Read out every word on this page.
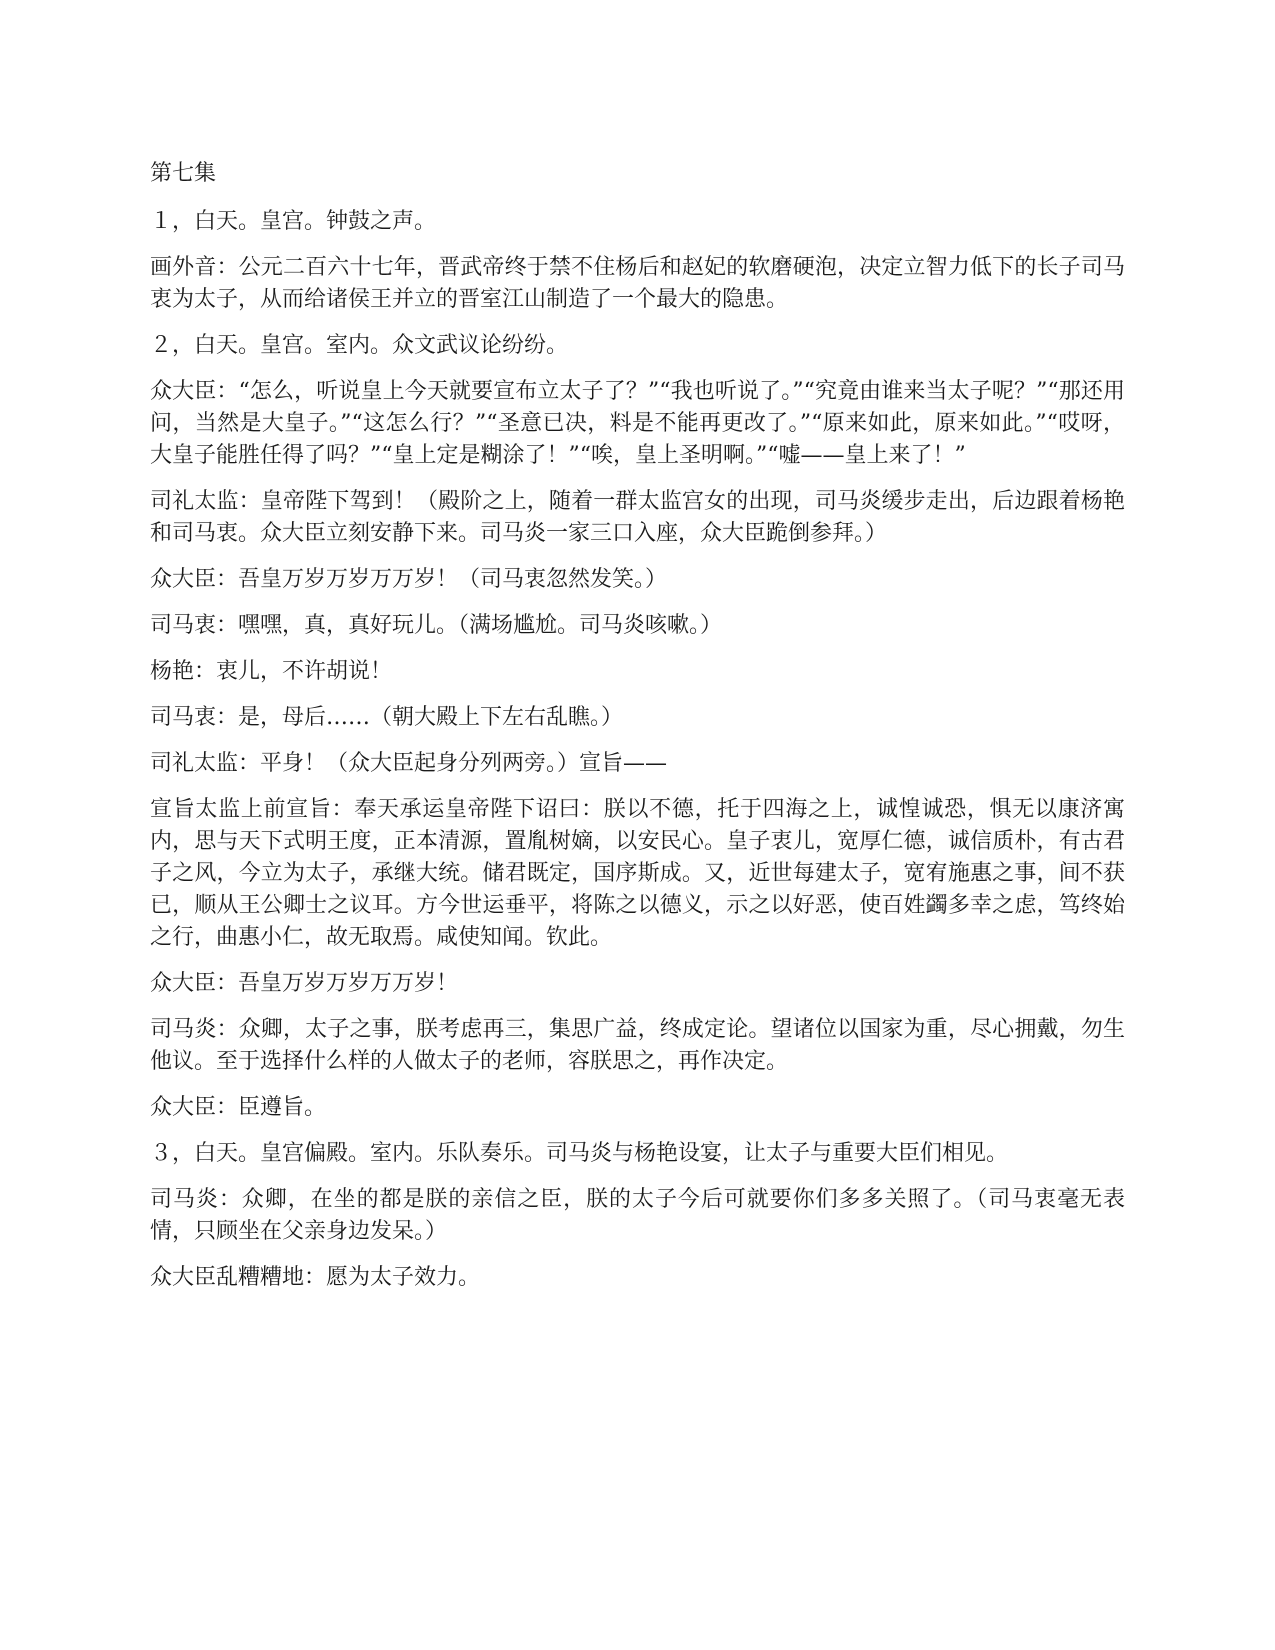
第七集

１，白天。皇宫。钟鼓之声。

画外音：公元二百六十七年，晋武帝终于禁不住杨后和赵妃的软磨硬泡，决定立智力低下的长子司马衷为太子，从而给诸侯王并立的晋室江山制造了一个最大的隐患。

２，白天。皇宫。室内。众文武议论纷纷。

众大臣：“怎么，听说皇上今天就要宣布立太子了？”“我也听说了。”“究竟由谁来当太子呢？”“那还用问，当然是大皇子。”“这怎么行？”“圣意已决，料是不能再更改了。”“原来如此，原来如此。”“哎呀，大皇子能胜任得了吗？”“皇上定是糊涂了！”“唉，皇上圣明啊。”“嘘——皇上来了！”

司礼太监：皇帝陛下驾到！（殿阶之上，随着一群太监宫女的出现，司马炎缓步走出，后边跟着杨艳和司马衷。众大臣立刻安静下来。司马炎一家三口入座，众大臣跪倒参拜。）

众大臣：吾皇万岁万岁万万岁！（司马衷忽然发笑。）

司马衷：嘿嘿，真，真好玩儿。（满场尴尬。司马炎咳嗽。）

杨艳：衷儿，不许胡说！

司马衷：是，母后……（朝大殿上下左右乱瞧。）

司礼太监：平身！（众大臣起身分列两旁。）宣旨——

宣旨太监上前宣旨：奉天承运皇帝陛下诏曰：朕以不德，托于四海之上，诚惶诚恐，惧无以康济寓内，思与天下式明王度，正本清源，置胤树嫡，以安民心。皇子衷儿，宽厚仁德，诚信质朴，有古君子之风，今立为太子，承继大统。储君既定，国序斯成。又，近世每建太子，宽宥施惠之事，间不获已，顺从王公卿士之议耳。方今世运垂平，将陈之以德义，示之以好恶，使百姓蠲多幸之虑，笃终始之行，曲惠小仁，故无取焉。咸使知闻。钦此。

众大臣：吾皇万岁万岁万万岁！

司马炎：众卿，太子之事，朕考虑再三，集思广益，终成定论。望诸位以国家为重，尽心拥戴，勿生他议。至于选择什么样的人做太子的老师，容朕思之，再作决定。

众大臣：臣遵旨。

３，白天。皇宫偏殿。室内。乐队奏乐。司马炎与杨艳设宴，让太子与重要大臣们相见。

司马炎：众卿，在坐的都是朕的亲信之臣，朕的太子今后可就要你们多多关照了。（司马衷毫无表情，只顾坐在父亲身边发呆。）

众大臣乱糟糟地：愿为太子效力。
